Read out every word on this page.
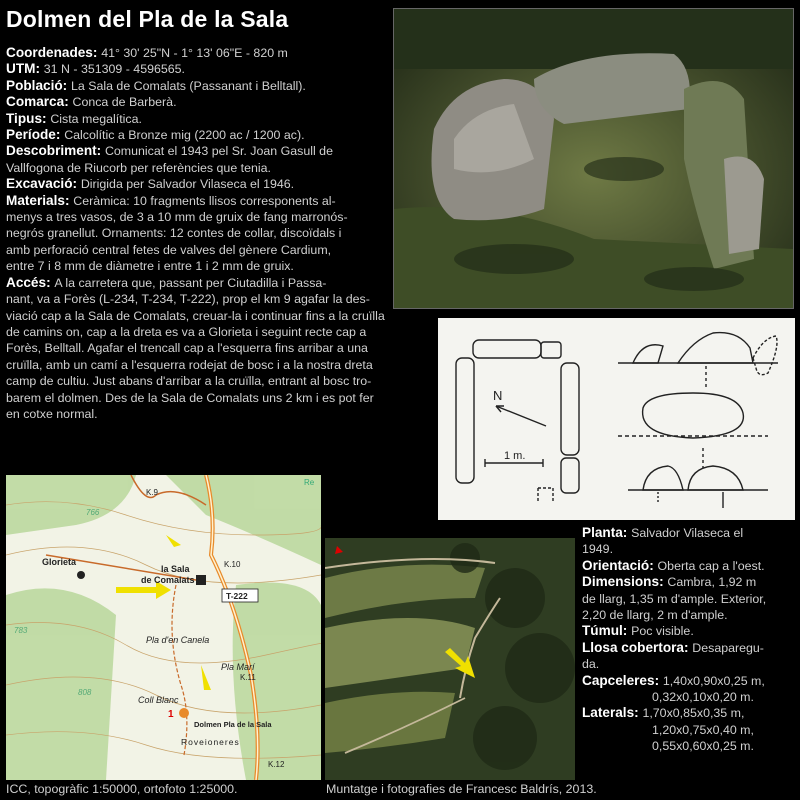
Dolmen del Pla de la Sala
Coordenades: 41° 30' 25"N - 1° 13' 06"E - 820 m
UTM: 31 N - 351309 - 4596565.
Població: La Sala de Comalats (Passanant i Belltall).
Comarca: Conca de Barberà.
Tipus: Cista megalítica.
Període: Calcolític a Bronze mig (2200 ac / 1200 ac).
Descobriment: Comunicat el 1943 pel Sr. Joan Gasull de
Vallfogona de Riucorb per referències que tenia.
Excavació: Dirigida per Salvador Vilaseca el 1946.
Materials: Ceràmica: 10 fragments llisos corresponents al-
menys a tres vasos, de 3 a 10 mm de gruix de fang marronós-
negrós granellut. Ornaments: 12 contes de collar, discoïdals i
amb perforació central fetes de valves del gènere Cardium,
entre 7 i 8 mm de diàmetre i entre 1 i 2 mm de gruix.
Accés: A la carretera que, passant per Ciutadilla i Passa-
nant, va a Forès (L-234, T-234, T-222), prop el km 9 agafar la des-
viació cap a la Sala de Comalats, creuar-la i continuar fins a la cruïlla
de camins on, cap a la dreta es va a Glorieta i seguint recte cap a
Forès, Belltall. Agafar el trencall cap a l'esquerra fins arribar a una
cruïlla, amb un camí a l'esquerra rodejat de bosc i a la nostra dreta
camp de cultiu. Just abans d'arribar a la cruïlla, entrant al bosc tro-
barem el dolmen. Des de la Sala de Comalats uns 2 km i es pot fer
en cotxe normal.
Planta: Salvador Vilaseca el
1949.
Orientació: Oberta cap a l'oest.
Dimensions: Cambra, 1,92 m
de llarg, 1,35 m d'ample. Exterior,
2,20 de llarg, 2 m d'ample.
Túmul: Poc visible.
Llosa cobertora: Desaparegu-
da.
Capceleres: 1,40x0,90x0,25 m,
0,32x0,10x0,20 m.
Laterals: 1,70x0,85x0,35 m,
1,20x0,75x0,40 m,
0,55x0,60x0,25 m.
N
1 m.
K.9
766
Glorieta
la Sala
de Comalats
K.10
T-222
783
Pla d'en Canela
Pla Marí
K.11
808
Coll Blanc
1
Dolmen Pla de la Sala
Roveioneres
K.12
Re
ICC, topogràfic 1:50000, ortofoto 1:25000.	Muntatge i fotografies de Francesc Baldrís, 2013.
